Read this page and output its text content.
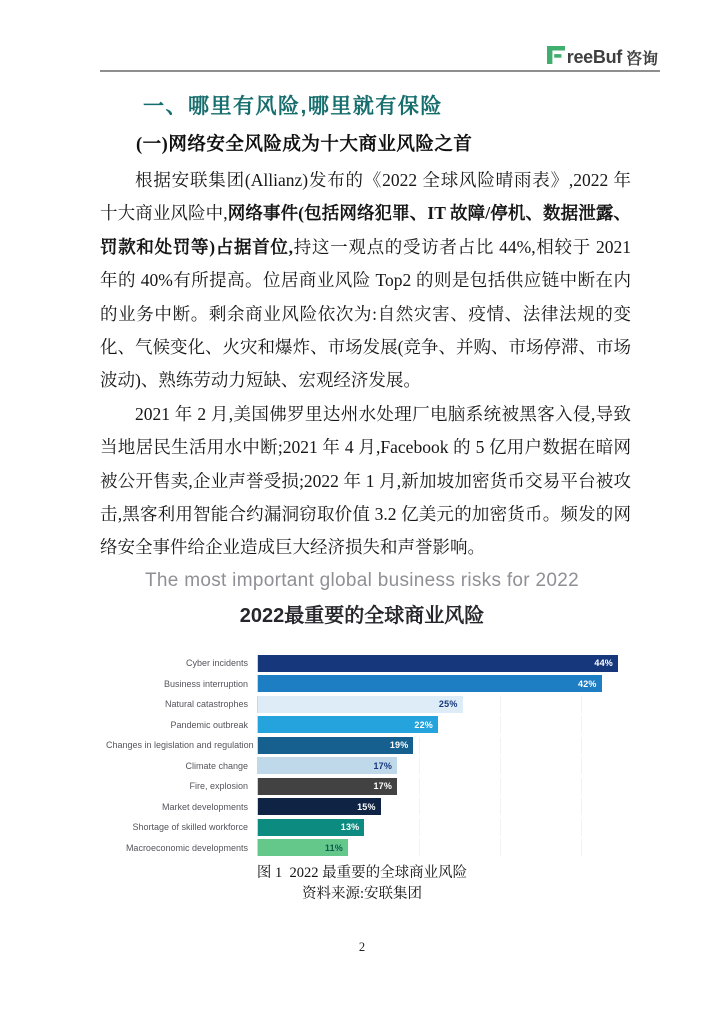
reeBuf 咨询
一、哪里有风险,哪里就有保险
(一)网络安全风险成为十大商业风险之首

根据安联集团(Allianz)发布的《2022 全球风险晴雨表》,2022 年十大商业风险中,网络事件(包括网络犯罪、IT 故障/停机、数据泄露、罚款和处罚等)占据首位,持这一观点的受访者占比 44%,相较于 2021 年的 40%有所提高。位居商业风险 Top2 的则是包括供应链中断在内的业务中断。剩余商业风险依次为:自然灾害、疫情、法律法规的变化、气候变化、火灾和爆炸、市场发展(竞争、并购、市场停滞、市场波动)、熟练劳动力短缺、宏观经济发展。

2021 年 2 月,美国佛罗里达州水处理厂电脑系统被黑客入侵,导致当地居民生活用水中断;2021 年 4 月,Facebook 的 5 亿用户数据在暗网被公开售卖,企业声誉受损;2022 年 1 月,新加坡加密货币交易平台被攻击,黑客利用智能合约漏洞窃取价值 3.2 亿美元的加密货币。频发的网络安全事件给企业造成巨大经济损失和声誉影响。

The most important global business risks for 2022
2022最重要的全球商业风险
Cyber incidents	44%
Business interruption	42%
Natural catastrophes	25%
Pandemic outbreak	22%
Changes in legislation and regulation	19%
Climate change	17%
Fire, explosion	17%
Market developments	15%
Shortage of skilled workforce	13%
Macroeconomic developments	11%
图 1  2022 最重要的全球商业风险
资料来源:安联集团
2
